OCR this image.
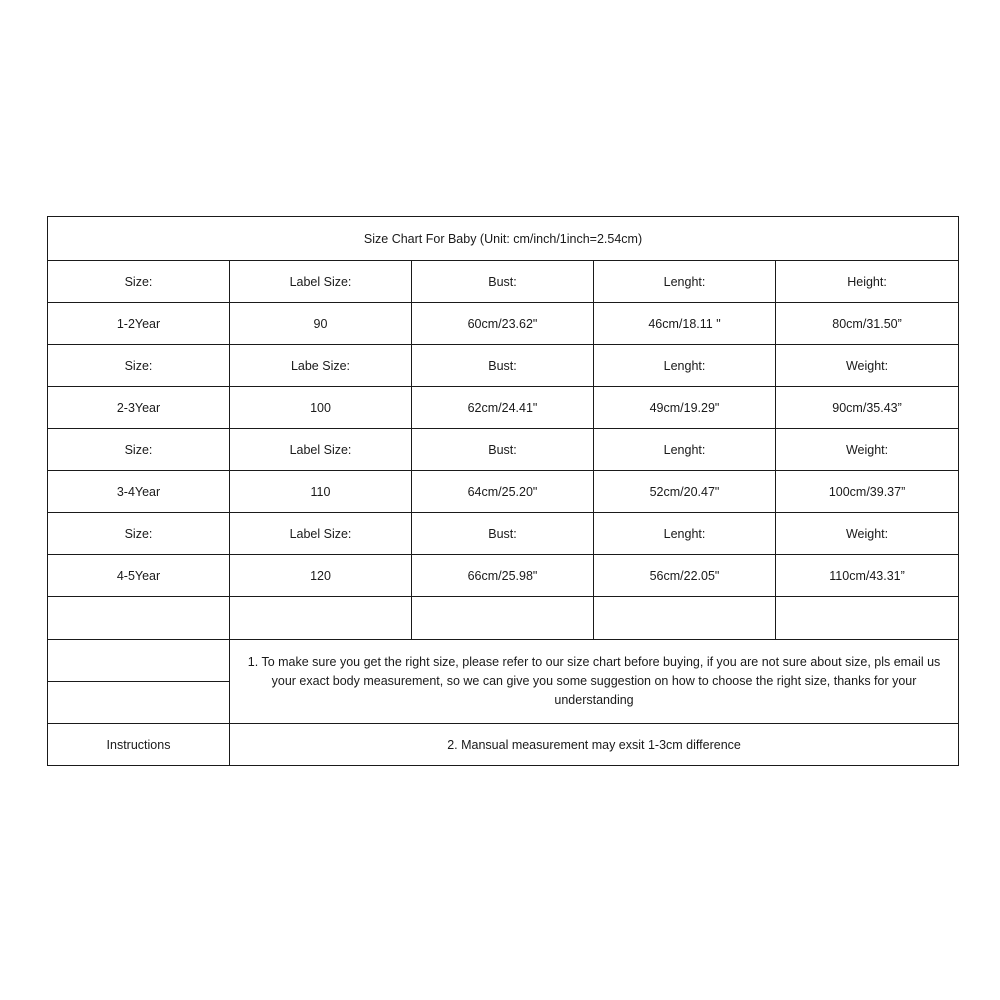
Size Chart For Baby (Unit: cm/inch/1inch=2.54cm)				
Size:	Label Size:	Bust:	Lenght:	Height:
1-2Year	90	60cm/23.62"	46cm/18.11 "	80cm/31.50”
Size:	Labe Size:	Bust:	Lenght:	Weight:
2-3Year	100	62cm/24.41"	49cm/19.29"	90cm/35.43”
Size:	Label Size:	Bust:	Lenght:	Weight:
3-4Year	110	64cm/25.20"	52cm/20.47"	100cm/39.37”
Size:	Label Size:	Bust:	Lenght:	Weight:
4-5Year	120	66cm/25.98"	56cm/22.05"	110cm/43.31”

	1. To make sure you get the right size, please refer to our size chart before buying, if you are not sure about size, pls email us your exact body measurement, so we can give you some suggestion on how to choose the right size, thanks for your understanding			

Instructions	2. Mansual measurement may exsit 1-3cm difference			
